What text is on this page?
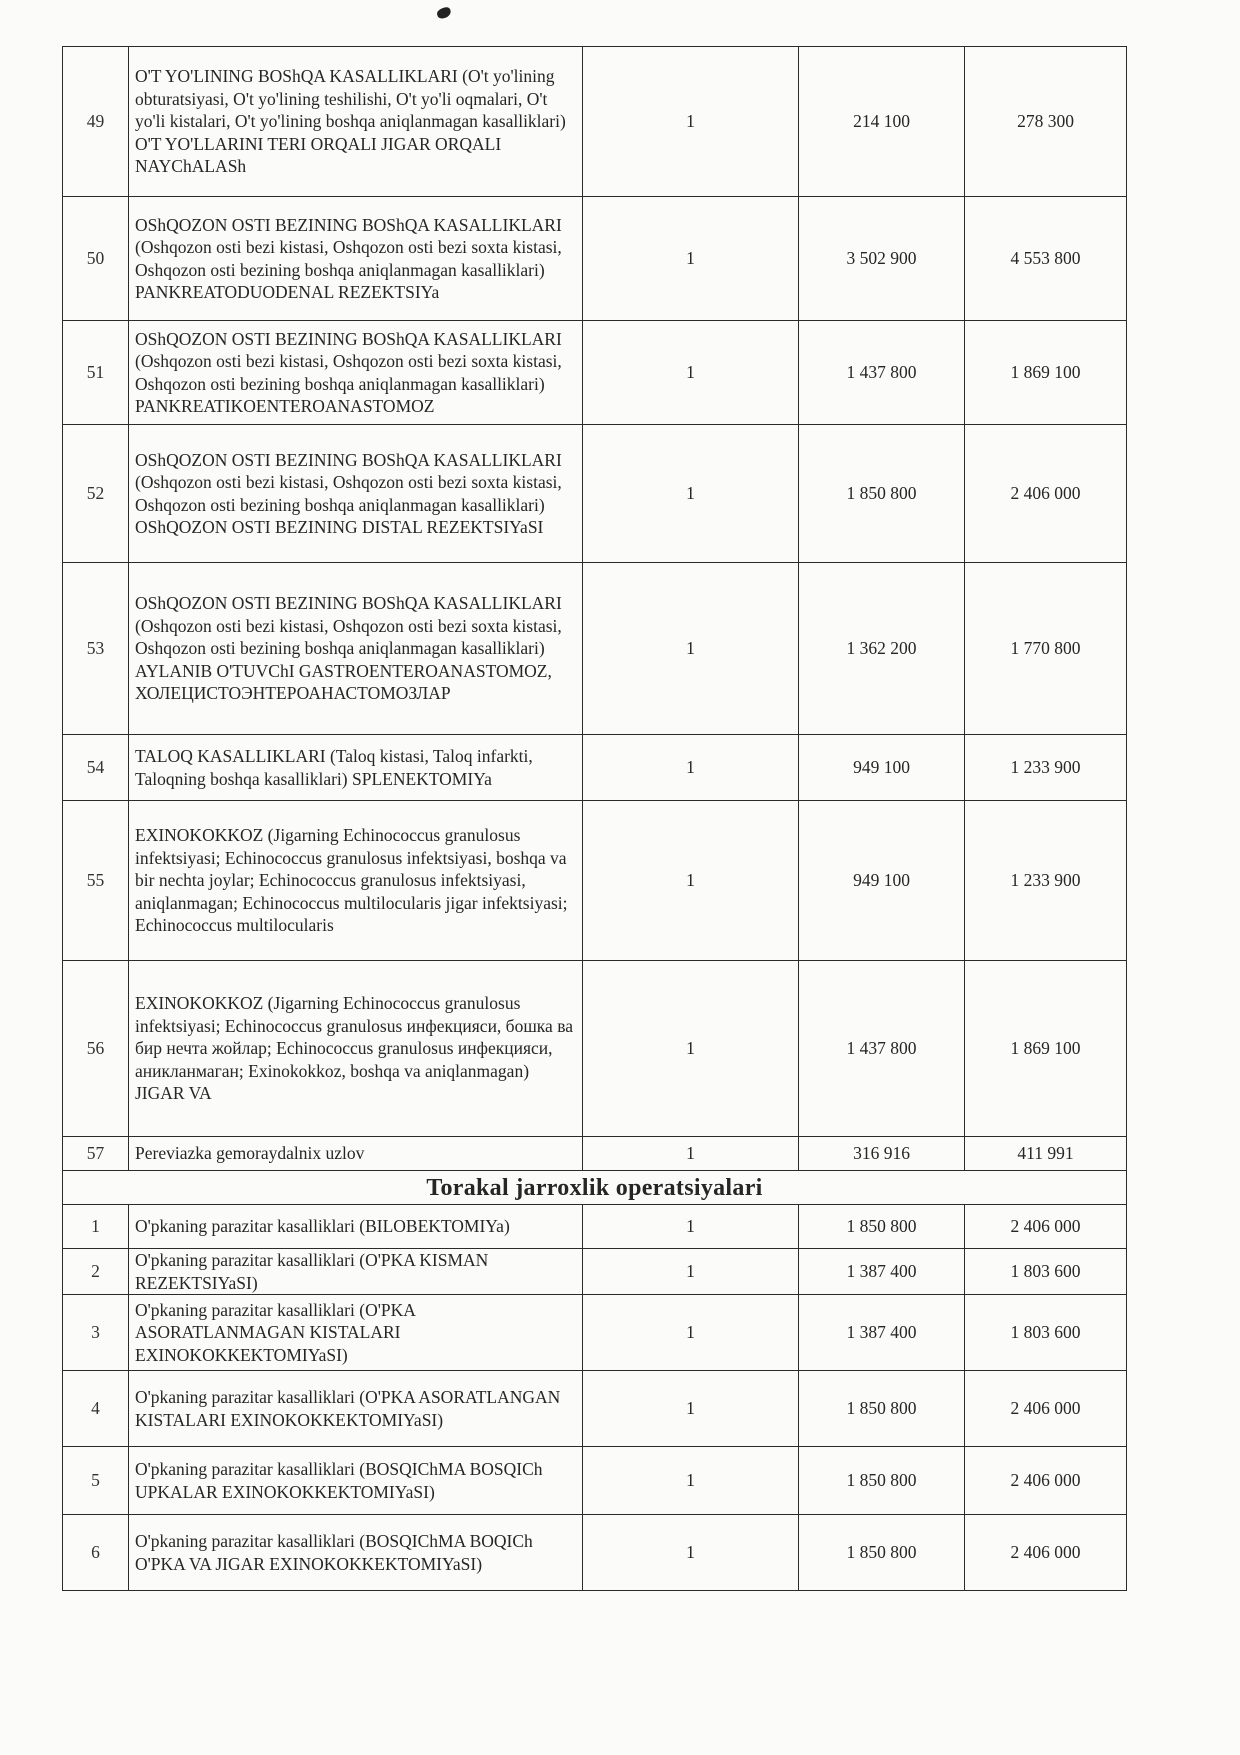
49	O'T YO'LINING BOShQA KASALLIKLARI (O't yo'lining obturatsiyasi, O't yo'lining teshilishi, O't yo'li oqmalari, O't yo'li kistalari, O't yo'lining boshqa aniqlanmagan kasalliklari) O'T YO'LLARINI TERI ORQALI JIGAR ORQALI NAYChALASh	1	214 100	278 300
50	OShQOZON OSTI BEZINING BOShQA KASALLIKLARI (Oshqozon osti bezi kistasi, Oshqozon osti bezi soxta kistasi, Oshqozon osti bezining boshqa aniqlanmagan kasalliklari) PANKREATODUODENAL REZEKTSIYa	1	3 502 900	4 553 800
51	OShQOZON OSTI BEZINING BOShQA KASALLIKLARI (Oshqozon osti bezi kistasi, Oshqozon osti bezi soxta kistasi, Oshqozon osti bezining boshqa aniqlanmagan kasalliklari) PANKREATIKOENTEROANASTOMOZ	1	1 437 800	1 869 100
52	OShQOZON OSTI BEZINING BOShQA KASALLIKLARI (Oshqozon osti bezi kistasi, Oshqozon osti bezi soxta kistasi, Oshqozon osti bezining boshqa aniqlanmagan kasalliklari) OShQOZON OSTI BEZINING DISTAL REZEKTSIYaSI	1	1 850 800	2 406 000
53	OShQOZON OSTI BEZINING BOShQA KASALLIKLARI (Oshqozon osti bezi kistasi, Oshqozon osti bezi soxta kistasi, Oshqozon osti bezining boshqa aniqlanmagan kasalliklari) AYLANIB O'TUVChI GASTROENTEROANASTOMOZ, ХОЛЕЦИСТОЭНТЕРОАНАСТОМОЗЛАР	1	1 362 200	1 770 800
54	TALOQ KASALLIKLARI (Taloq kistasi, Taloq infarkti, Taloqning boshqa kasalliklari) SPLENEKTOMIYa	1	949 100	1 233 900
55	EXINOKOKKOZ (Jigarning Echinococcus granulosus infektsiyasi; Echinococcus granulosus infektsiyasi, boshqa va bir nechta joylar; Echinococcus granulosus infektsiyasi, aniqlanmagan; Echinococcus multilocularis jigar infektsiyasi; Echinococcus multilocularis	1	949 100	1 233 900
56	EXINOKOKKOZ (Jigarning Echinococcus granulosus infektsiyasi; Echinococcus granulosus инфекцияси, бошка ва бир нечта жойлар; Echinococcus granulosus инфекцияси, аникланмаган; Exinokokkoz, boshqa va aniqlanmagan) JIGAR VA	1	1 437 800	1 869 100
57	Pereviazka gemoraydalnix uzlov	1	316 916	411 991
Torakal jarroxlik operatsiyalari				
1	O'pkaning parazitar kasalliklari (BILOBEKTOMIYa)	1	1 850 800	2 406 000
2	O'pkaning parazitar kasalliklari (O'PKA KISMAN REZEKTSIYaSI)	1	1 387 400	1 803 600
3	O'pkaning parazitar kasalliklari (O'PKA ASORATLANMAGAN KISTALARI EXINOKOKKEKTOMIYaSI)	1	1 387 400	1 803 600
4	O'pkaning parazitar kasalliklari (O'PKA ASORATLANGAN KISTALARI EXINOKOKKEKTOMIYaSI)	1	1 850 800	2 406 000
5	O'pkaning parazitar kasalliklari (BOSQIChMA BOSQICh UPKALAR EXINOKOKKEKTOMIYaSI)	1	1 850 800	2 406 000
6	O'pkaning parazitar kasalliklari (BOSQIChMA BOQICh O'PKA VA JIGAR EXINOKOKKEKTOMIYaSI)	1	1 850 800	2 406 000
